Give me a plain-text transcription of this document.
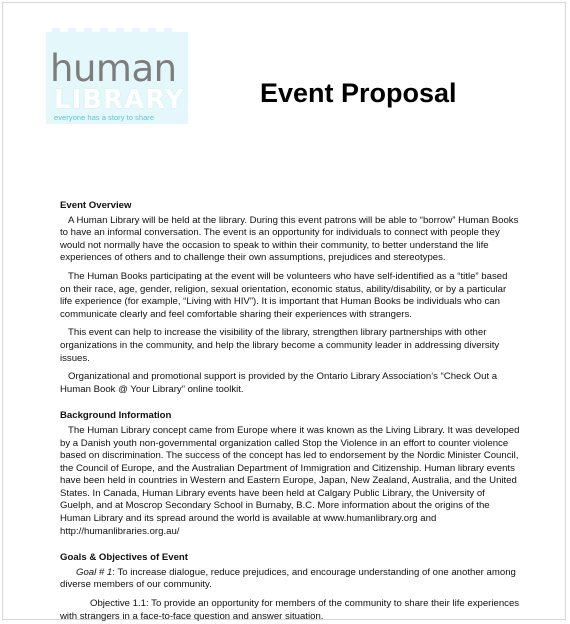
human
LIBRARY
everyone has a story to share
Event Proposal
Event Overview

A Human Library will be held at the library. During this event patrons will be able to “borrow” Human Books to have an informal conversation. The event is an opportunity for individuals to connect with people they would not normally have the occasion to speak to within their community, to better understand the life experiences of others and to challenge their own assumptions, prejudices and stereotypes.

The Human Books participating at the event will be volunteers who have self-identified as a “title” based on their race, age, gender, religion, sexual orientation, economic status, ability/disability, or by a particular life experience (for example, “Living with HIV”). It is important that Human Books be individuals who can communicate clearly and feel comfortable sharing their experiences with strangers.

This event can help to increase the visibility of the library, strengthen library partnerships with other organizations in the community, and help the library become a community leader in addressing diversity issues.

Organizational and promotional support is provided by the Ontario Library Association’s “Check Out a Human Book @ Your Library” online toolkit.

Background Information

The Human Library concept came from Europe where it was known as the Living Library. It was developed by a Danish youth non-governmental organization called Stop the Violence in an effort to counter violence based on discrimination. The success of the concept has led to endorsement by the Nordic Minister Council, the Council of Europe, and the Australian Department of Immigration and Citizenship. Human library events have been held in countries in Western and Eastern Europe, Japan, New Zealand, Australia, and the United States. In Canada, Human Library events have been held at Calgary Public Library, the University of Guelph, and at Moscrop Secondary School in Burnaby, B.C. More information about the origins of the Human Library and its spread around the world is available at www.humanlibrary.org and http://humanlibraries.org.au/

Goals & Objectives of Event

Goal # 1: To increase dialogue, reduce prejudices, and encourage understanding of one another among diverse members of our community.

Objective 1.1: To provide an opportunity for members of the community to share their life experiences with strangers in a face-to-face question and answer situation.
